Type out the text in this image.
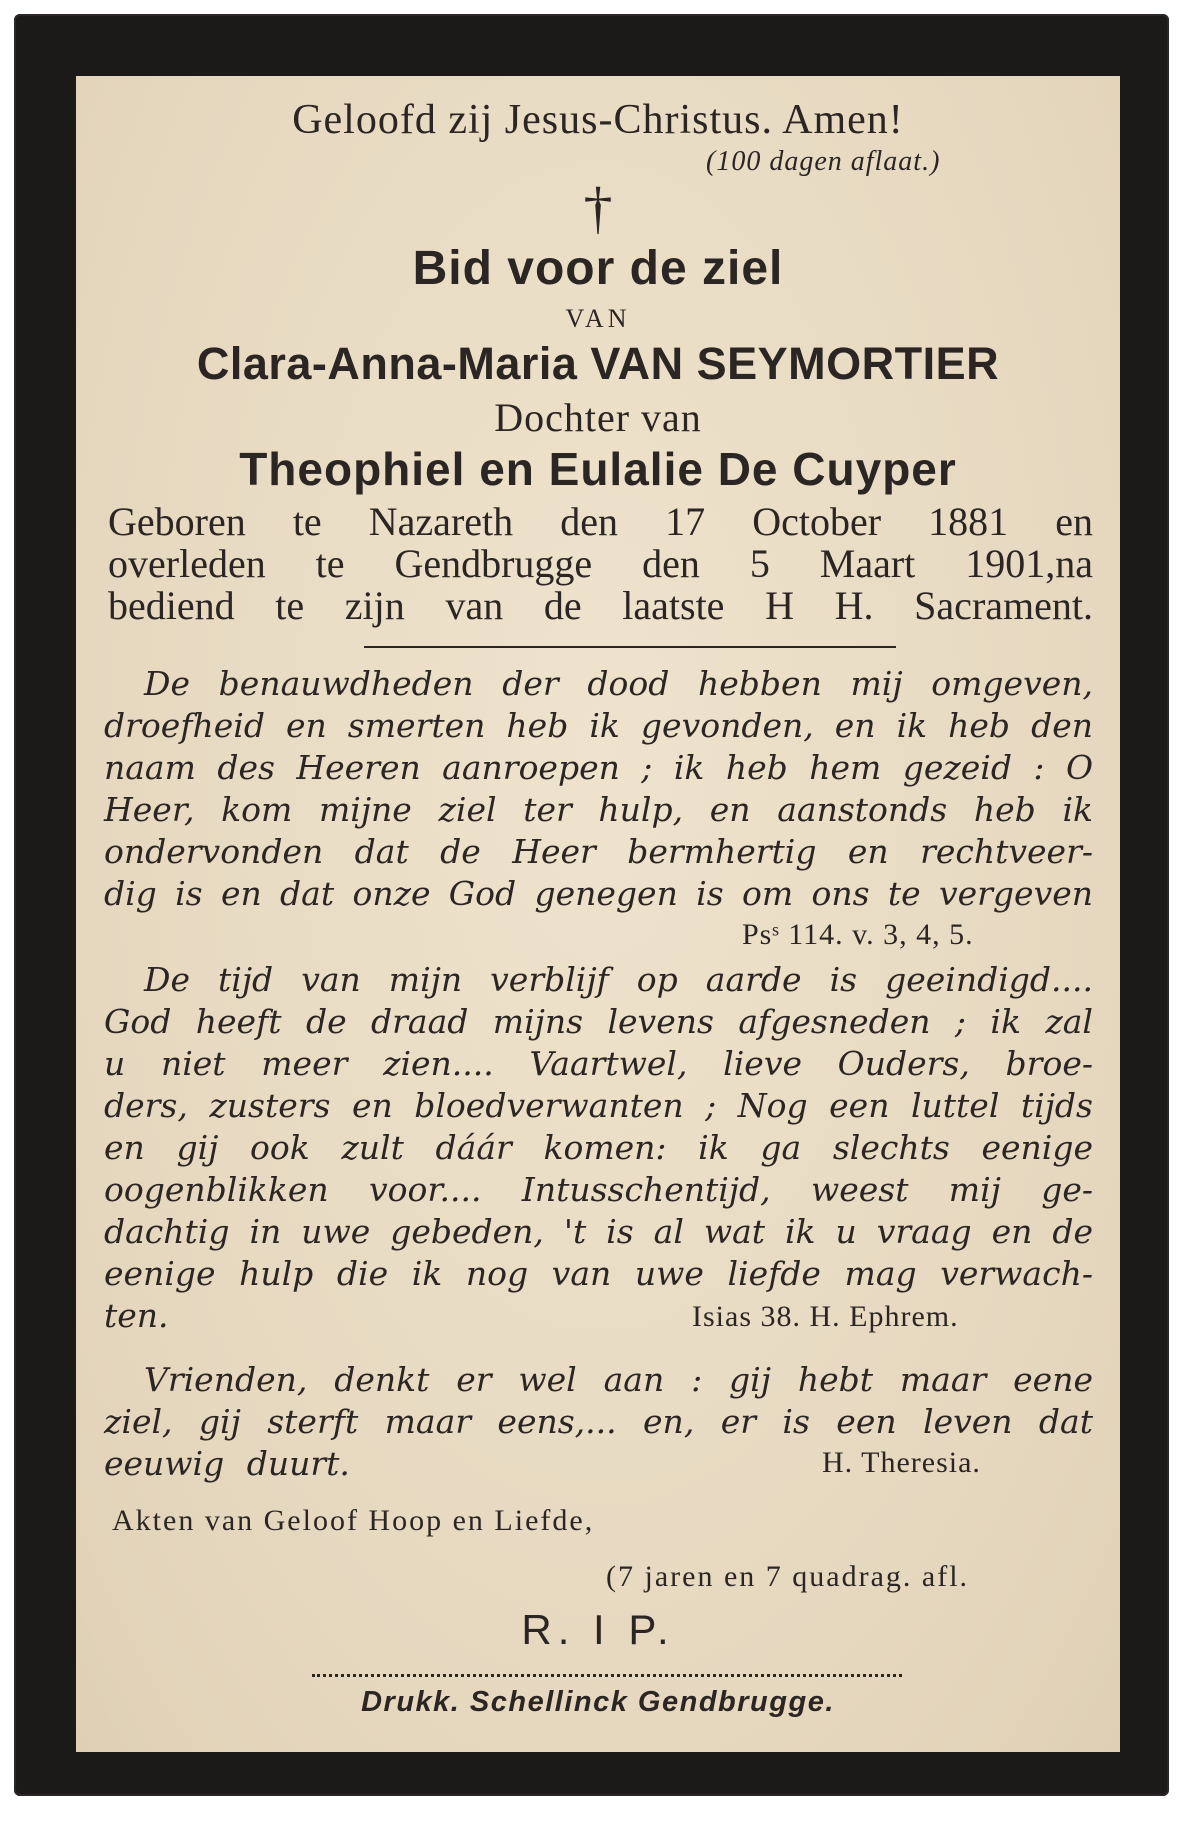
Geloofd zij Jesus-Christus. Amen!
(100 dagen aflaat.)
†
Bid voor de ziel
VAN
Clara-Anna-Maria VAN SEYMORTIER
Dochter van
Theophiel en Eulalie De Cuyper
Geboren te Nazareth den 17 October 1881 en
overleden te Gendbrugge den 5 Maart 1901,na
bediend te zijn van de laatste H H. Sacrament.
De benauwdheden der dood hebben mij omgeven,
droefheid en smerten heb ik gevonden, en ik heb den
naam des Heeren aanroepen ; ik heb hem gezeid : O
Heer, kom mijne ziel ter hulp, en aanstonds heb ik
ondervonden dat de Heer bermhertig en rechtveer-
dig is en dat onze God genegen is om ons te vergeven
Psˢ 114. v. 3, 4, 5.
De tijd van mijn verblijf op aarde is geeindigd....
God heeft de draad mijns levens afgesneden ; ik zal
u niet meer zien.... Vaartwel, lieve Ouders, broe-
ders, zusters en bloedverwanten ; Nog een luttel tijds
en gij ook zult dáár komen: ik ga slechts eenige
oogenblikken voor.... Intusschentijd, weest mij ge-
dachtig in uwe gebeden, 't is al wat ik u vraag en de
eenige hulp die ik nog van uwe liefde mag verwach-
ten.	Isias 38. H. Ephrem.
Vrienden, denkt er wel aan : gij hebt maar eene
ziel, gij sterft maar eens,... en, er is een leven dat
eeuwig duurt.	H. Theresia.
Akten van Geloof Hoop en Liefde,
(7 jaren en 7 quadrag. afl.
R. I P.
Drukk. Schellinck Gendbrugge.
